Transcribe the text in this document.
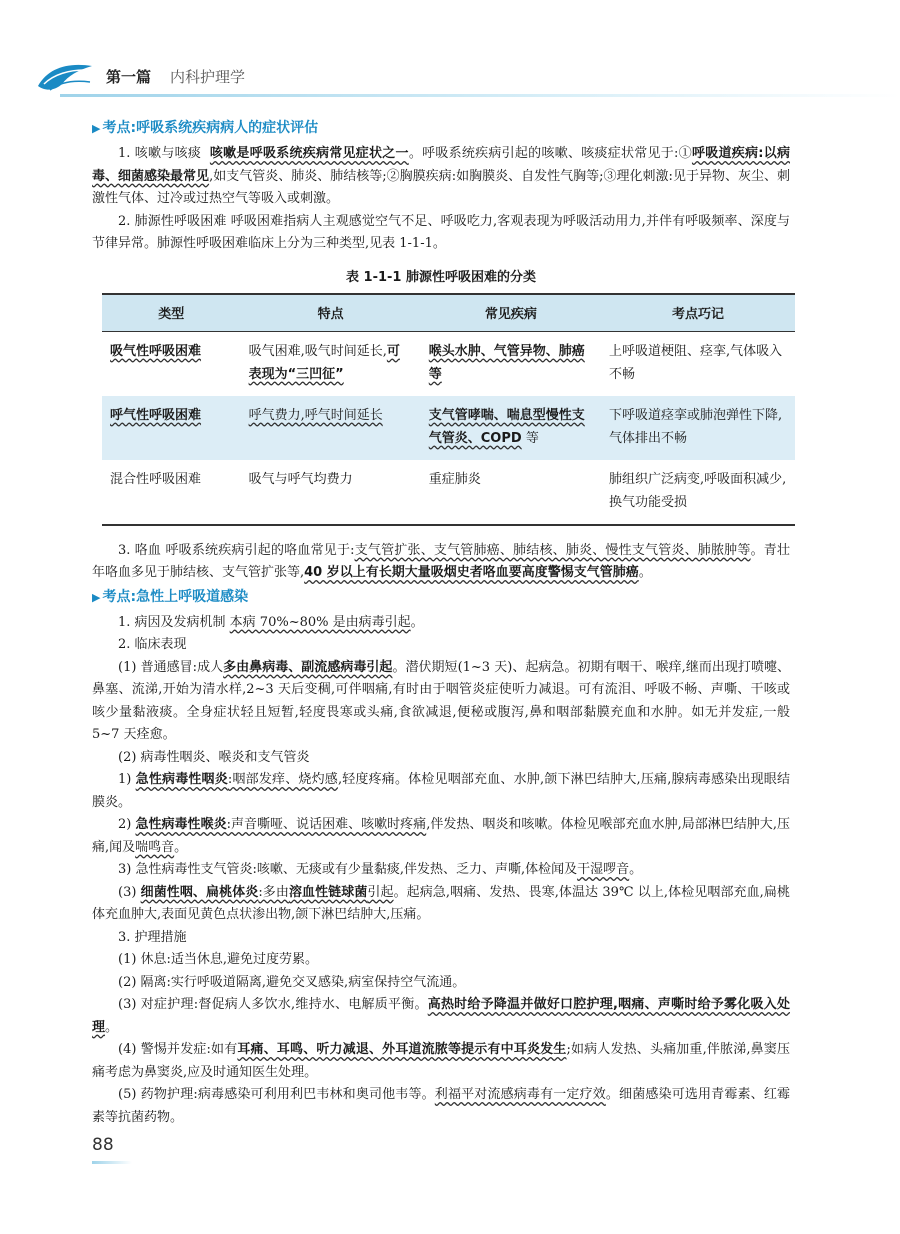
第一篇 内科护理学
▶ 考点:呼吸系统疾病病人的症状评估

1. 咳嗽与咳痰 咳嗽是呼吸系统疾病常见症状之一。呼吸系统疾病引起的咳嗽、咳痰症状常见于:①呼吸道疾病:以病毒、细菌感染最常见,如支气管炎、肺炎、肺结核等;②胸膜疾病:如胸膜炎、自发性气胸等;③理化刺激:见于异物、灰尘、刺激性气体、过冷或过热空气等吸入或刺激。

2. 肺源性呼吸困难 呼吸困难指病人主观感觉空气不足、呼吸吃力,客观表现为呼吸活动用力,并伴有呼吸频率、深度与节律异常。肺源性呼吸困难临床上分为三种类型,见表 1-1-1。

表 1-1-1 肺源性呼吸困难的分类
类型	特点	常见疾病	考点巧记
吸气性呼吸困难	吸气困难,吸气时间延长,可表现为“三凹征”	喉头水肿、气管异物、肺癌等	上呼吸道梗阻、痉挛,气体吸入不畅
呼气性呼吸困难	呼气费力,呼气时间延长	支气管哮喘、喘息型慢性支气管炎、COPD 等	下呼吸道痉挛或肺泡弹性下降,气体排出不畅
混合性呼吸困难	吸气与呼气均费力	重症肺炎	肺组织广泛病变,呼吸面积减少,换气功能受损

3. 咯血 呼吸系统疾病引起的咯血常见于:支气管扩张、支气管肺癌、肺结核、肺炎、慢性支气管炎、肺脓肿等。青壮年咯血多见于肺结核、支气管扩张等,40 岁以上有长期大量吸烟史者咯血要高度警惕支气管肺癌。

▶ 考点:急性上呼吸道感染

1. 病因及发病机制 本病 70%~80% 是由病毒引起。

2. 临床表现

(1) 普通感冒:成人多由鼻病毒、副流感病毒引起。潜伏期短(1~3 天)、起病急。初期有咽干、喉痒,继而出现打喷嚏、鼻塞、流涕,开始为清水样,2~3 天后变稠,可伴咽痛,有时由于咽管炎症使听力减退。可有流泪、呼吸不畅、声嘶、干咳或咳少量黏液痰。全身症状轻且短暂,轻度畏寒或头痛,食欲减退,便秘或腹泻,鼻和咽部黏膜充血和水肿。如无并发症,一般 5~7 天痊愈。

(2) 病毒性咽炎、喉炎和支气管炎

1) 急性病毒性咽炎:咽部发痒、烧灼感,轻度疼痛。体检见咽部充血、水肿,颌下淋巴结肿大,压痛,腺病毒感染出现眼结膜炎。

2) 急性病毒性喉炎:声音嘶哑、说话困难、咳嗽时疼痛,伴发热、咽炎和咳嗽。体检见喉部充血水肿,局部淋巴结肿大,压痛,闻及喘鸣音。

3) 急性病毒性支气管炎:咳嗽、无痰或有少量黏痰,伴发热、乏力、声嘶,体检闻及干湿啰音。

(3) 细菌性咽、扁桃体炎:多由溶血性链球菌引起。起病急,咽痛、发热、畏寒,体温达 39℃ 以上,体检见咽部充血,扁桃体充血肿大,表面见黄色点状渗出物,颌下淋巴结肿大,压痛。

3. 护理措施

(1) 休息:适当休息,避免过度劳累。

(2) 隔离:实行呼吸道隔离,避免交叉感染,病室保持空气流通。

(3) 对症护理:督促病人多饮水,维持水、电解质平衡。高热时给予降温并做好口腔护理,咽痛、声嘶时给予雾化吸入处理。

(4) 警惕并发症:如有耳痛、耳鸣、听力减退、外耳道流脓等提示有中耳炎发生;如病人发热、头痛加重,伴脓涕,鼻窦压痛考虑为鼻窦炎,应及时通知医生处理。

(5) 药物护理:病毒感染可利用利巴韦林和奥司他韦等。利福平对流感病毒有一定疗效。细菌感染可选用青霉素、红霉素等抗菌药物。

88
